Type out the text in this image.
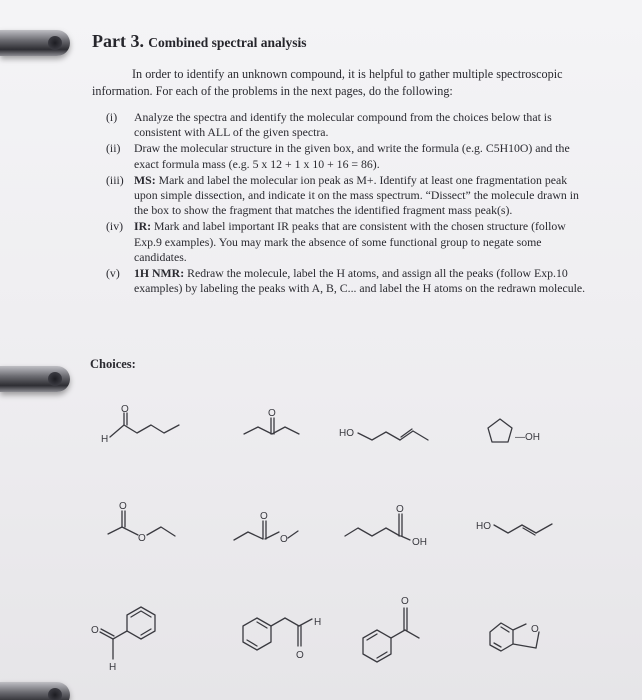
Part 3. Combined spectral analysis
In order to identify an unknown compound, it is helpful to gather multiple spectroscopic information. For each of the problems in the next pages, do the following:
(i)	Analyze the spectra and identify the molecular compound from the choices below that is consistent with ALL of the given spectra.
(ii)	Draw the molecular structure in the given box, and write the formula (e.g. C5H10O) and the exact formula mass (e.g. 5 x 12 + 1 x 10 + 16 = 86).
(iii) MS: Mark and label the molecular ion peak as M+. Identify at least one fragmentation peak upon simple dissection, and indicate it on the mass spectrum. “Dissect” the molecule drawn in the box to show the fragment that matches the identified fragment mass peak(s).
(iv) IR: Mark and label important IR peaks that are consistent with the chosen structure (follow Exp.9 examples). You may mark the absence of some functional group to negate some candidates.
(v)	1H NMR: Redraw the molecule, label the H atoms, and assign all the peaks (follow Exp.10 examples) by labeling the peaks with A, B, C... and label the H atoms on the redrawn molecule.
Choices:
H
O	O
HO	—OH
O
O
O
O
O
OH
HO
O
H
H
O
O
O
